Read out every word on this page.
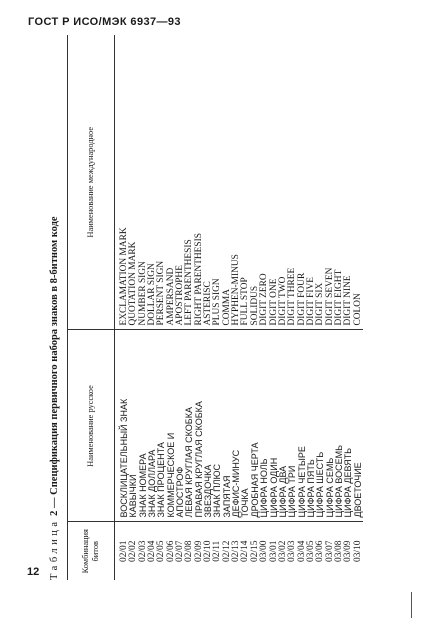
ГОСТ Р ИСО/МЭК 6937—93
Таблица 2 — Спецификация первичного набора знаков в 8-битном коде
Комбинация битов	Наименование русское	Наименование международное
02/01	ВОСКЛИЦАТЕЛЬНЫЙ ЗНАК	EXCLAMATION MARK
02/02	КАВЫЧКИ	QUOTATION MARK
02/03	ЗНАК НОМЕРА	NUMBER SIGN
02/04	ЗНАК ДОЛЛАРА	DOLLAR SIGN
02/05	ЗНАК ПРОЦЕНТА	PERSENT SIGN
02/06	КОММЕРЧЕСКОЕ И	AMPERSAND
02/07	АПОСТРОФ	APOSTROPHE
02/08	ЛЕВАЯ КРУГЛАЯ СКОБКА	LEFT PARENTHESIS
02/09	ПРАВАЯ КРУГЛАЯ СКОБКА	RIGHT PARENTHESIS
02/10	ЗВЕЗДОЧКА	ASTERISC
02/11	ЗНАК ПЛЮС	PLUS SIGN
02/12	ЗАПЯТАЯ	COMMA
02/13	ДЕФИС-МИНУС	HYPHEN-MINUS
02/14	ТОЧКА	FULL STOP
02/15	ДРОБНАЯ ЧЕРТА	SOLIDUS
03/00	ЦИФРА НОЛЬ	DIGIT ZERO
03/01	ЦИФРА ОДИН	DIGIT ONE
03/02	ЦИФРА ДВА	DIGIT TWO
03/03	ЦИФРА ТРИ	DIGIT THREE
03/04	ЦИФРА ЧЕТЫРЕ	DIGIT FOUR
03/05	ЦИФРА ПЯТЬ	DIGIT FIVE
03/06	ЦИФРА ШЕСТЬ	DIGIT SIX
03/07	ЦИФРА СЕМЬ	DIGIT SEVEN
03/08	ЦИФРА ВОСЕМЬ	DIGIT EIGHT
03/09	ЦИФРА ДЕВЯТЬ	DIGIT NINE
03/10	ДВОЕТОЧИЕ	COLON
12
